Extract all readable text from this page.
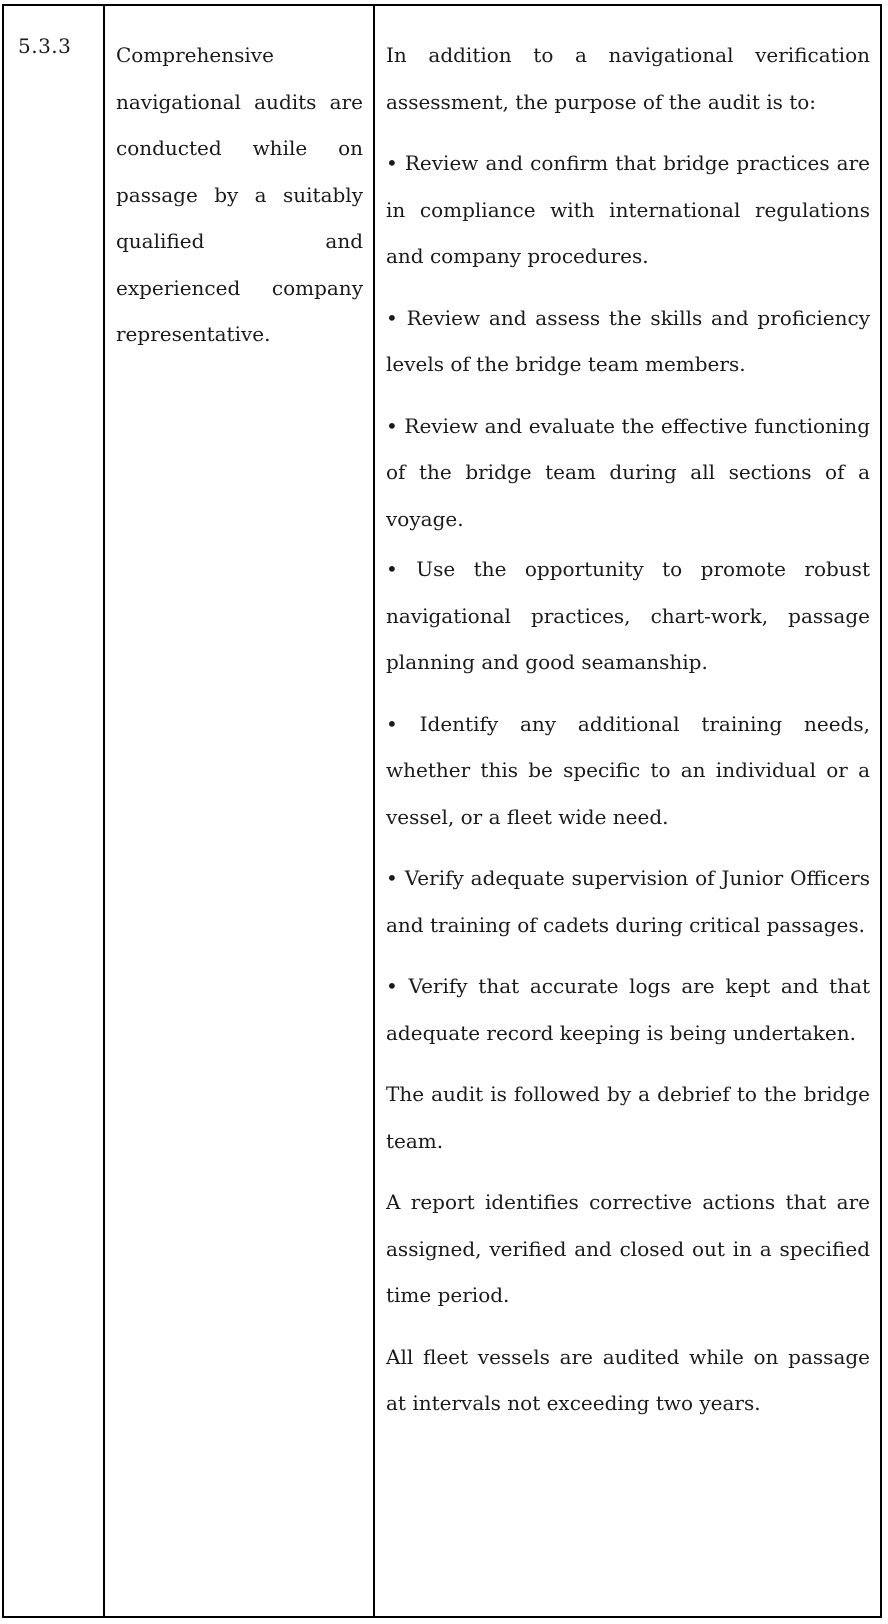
5.3.3	Comprehensive navigational audits are conducted while on passage by a suitably qualified and experienced company representative.

In addition to a navigational verification assessment, the purpose of the audit is to:

• Review and confirm that bridge practices are in compliance with international regulations and company procedures.

• Review and assess the skills and proficiency levels of the bridge team members.

• Review and evaluate the effective functioning of the bridge team during all sections of a voyage.

• Use the opportunity to promote robust navigational practices, chart-work, passage planning and good seamanship.

• Identify any additional training needs, whether this be specific to an individual or a vessel, or a fleet wide need.

• Verify adequate supervision of Junior Officers and training of cadets during critical passages.

• Verify that accurate logs are kept and that adequate record keeping is being undertaken.

The audit is followed by a debrief to the bridge team.

A report identifies corrective actions that are assigned, verified and closed out in a specified time period.

All fleet vessels are audited while on passage at intervals not exceeding two years.
